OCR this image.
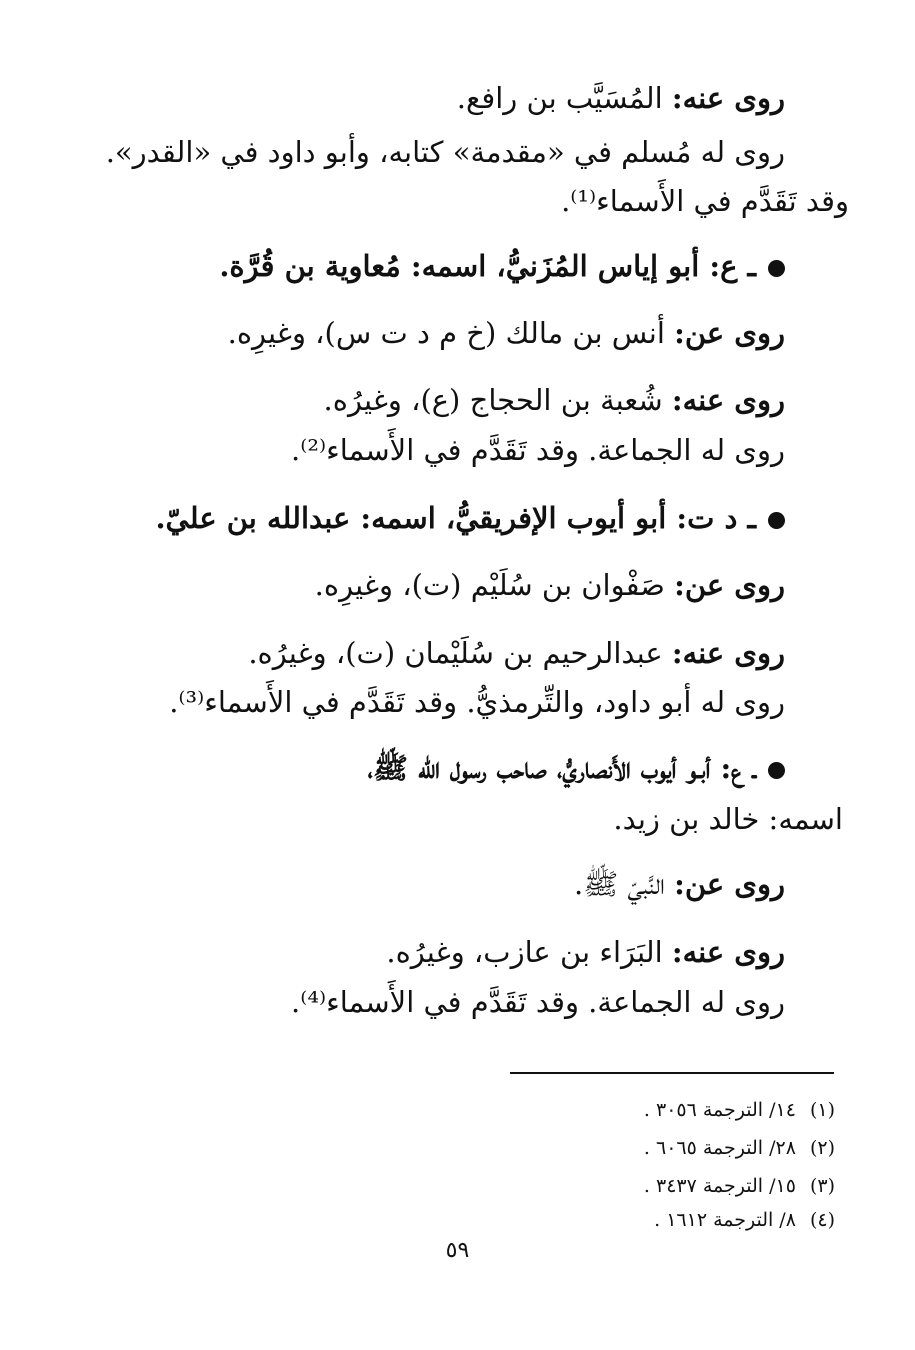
روى عنه: المُسَيَّب بن رافع.
روى له مُسلم في «مقدمة» كتابه، وأبو داود في «القدر».
وقد تَقَدَّم في الأَسماء⁽¹⁾.
ـ ع: أبو إياس المُزَنيُّ، اسمه: مُعاوية بن قُرَّة.
روى عن: أنس بن مالك (خ م د ت س)، وغيرِه.
روى عنه: شُعبة بن الحجاج (ع)، وغيرُه.
روى له الجماعة. وقد تَقَدَّم في الأَسماء⁽²⁾.
ـ د ت: أبو أيوب الإفريقيُّ، اسمه: عبدالله بن عليّ.
روى عن: صَفْوان بن سُلَيْم (ت)، وغيرِه.
روى عنه: عبدالرحيم بن سُلَيْمان (ت)، وغيرُه.
روى له أبو داود، والتِّرمذيُّ. وقد تَقَدَّم في الأَسماء⁽³⁾.
ـ ع: أبـو أيوب الأَنصاريُّ، صاحب رسول الله ﷺ،
اسمه: خالد بن زيد.
روى عن: النَّبيّ ﷺ.
روى عنه: البَرَاء بن عازب، وغيرُه.
روى له الجماعة. وقد تَقَدَّم في الأَسماء⁽⁴⁾.
(١)١٤/ الترجمة ٣٠٥٦ .
(٢)٢٨/ الترجمة ٦٠٦٥ .
(٣)١٥/ الترجمة ٣٤٣٧ .
(٤)٨/ الترجمة ١٦١٢ .
٥٩
